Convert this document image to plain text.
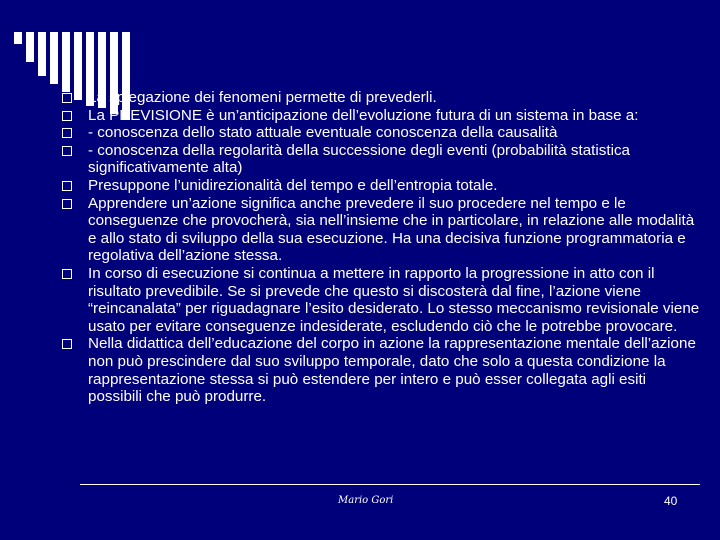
La spiegazione dei fenomeni permette di prevederli.
La PREVISIONE è un’anticipazione dell’evoluzione futura di un sistema in base a:
- conoscenza dello stato attuale eventuale conoscenza della causalità
- conoscenza della regolarità della successione degli eventi (probabilità statistica significativamente alta)
Presuppone l’unidirezionalità del tempo e dell’entropia totale.
Apprendere un’azione significa anche prevedere il suo procedere nel tempo e le conseguenze che provocherà, sia nell’insieme che in particolare, in relazione alle modalità e allo stato di sviluppo della sua esecuzione. Ha una decisiva funzione programmatoria e regolativa dell’azione stessa.
In corso di esecuzione si continua a mettere in rapporto la progressione in atto con il risultato prevedibile. Se si prevede che questo si discosterà dal fine, l’azione viene “reincanalata” per riguadagnare l’esito desiderato. Lo stesso meccanismo revisionale viene usato per evitare conseguenze indesiderate, escludendo ciò che le potrebbe provocare.
Nella didattica dell’educazione del corpo in azione la rappresentazione mentale dell’azione non può prescindere dal suo sviluppo temporale, dato che solo a questa condizione la rappresentazione stessa si può estendere per intero e può esser collegata agli esiti possibili che può produrre.
Mario Gori	40
